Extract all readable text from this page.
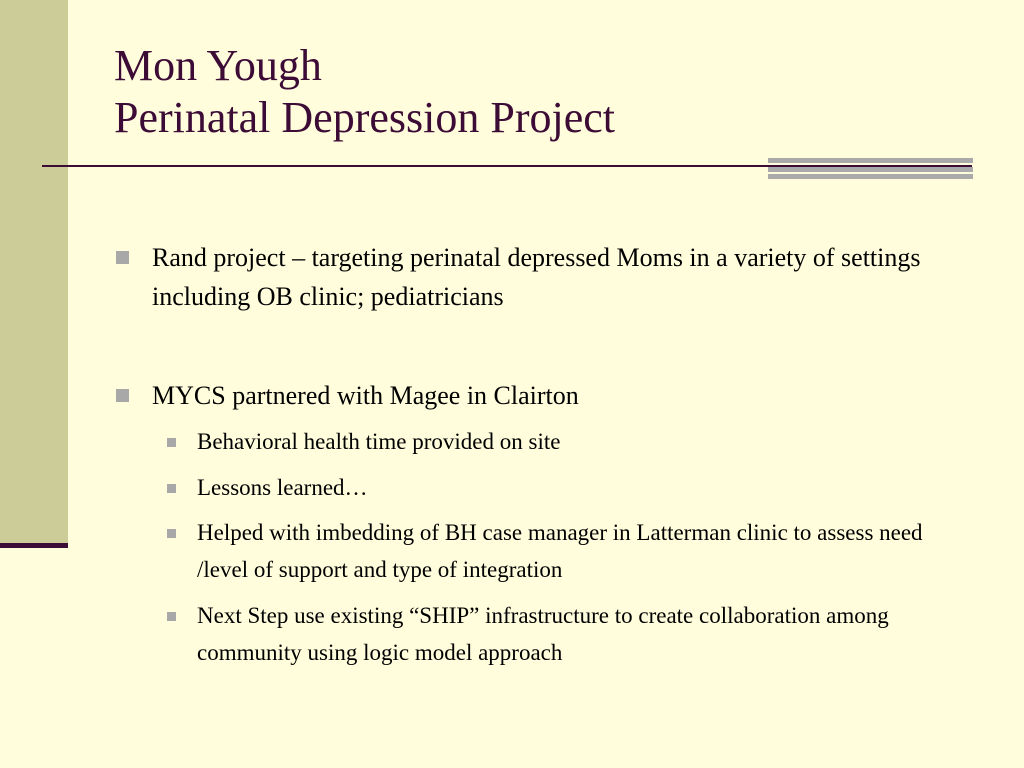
Mon Yough
Perinatal Depression Project
Rand project – targeting perinatal depressed Moms in a variety of settings including OB clinic; pediatricians
MYCS partnered with Magee in Clairton
Behavioral health time provided on site
Lessons learned…
Helped with imbedding of BH case manager in Latterman clinic to assess need /level of support and type of integration
Next Step use existing “SHIP” infrastructure to create collaboration among community using logic model approach
